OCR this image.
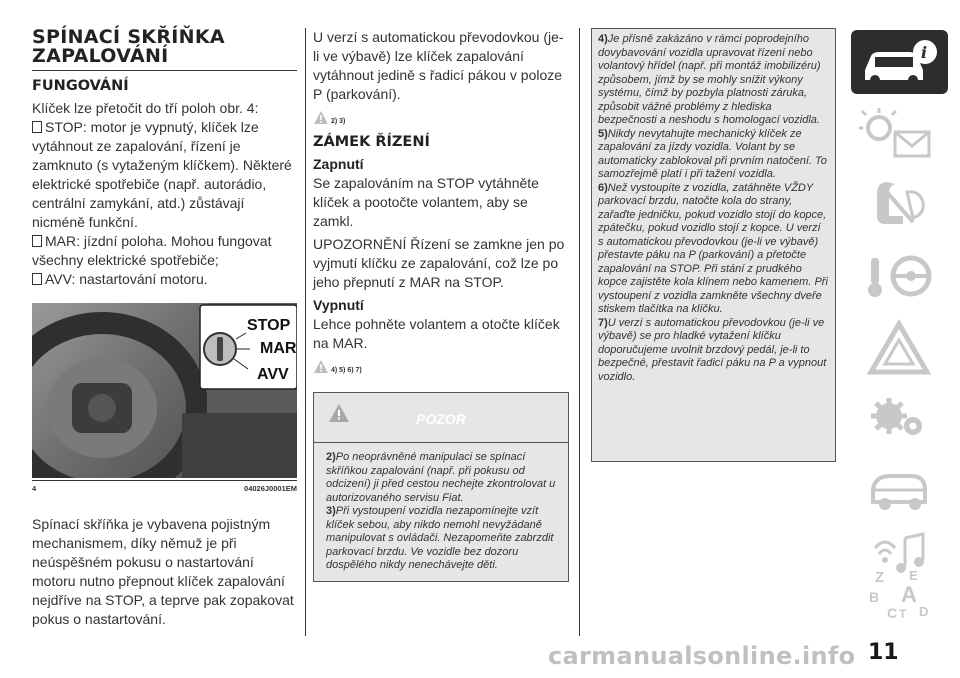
SPÍNACÍ SKŘÍŇKA
ZAPALOVÁNÍ
FUNGOVÁNÍ
Klíček lze přetočit do tří poloh obr. 4:
STOP: motor je vypnutý, klíček lze vytáhnout ze zapalování, řízení je zamknuto (s vytaženým klíčkem). Některé elektrické spotřebiče (např. autorádio, centrální zamykání, atd.) zůstávají nicméně funkční.
MAR: jízdní poloha. Mohou fungovat všechny elektrické spotřebiče;
AVV: nastartování motoru.
STOP
MAR
AVV
4	04026J0001EM
Spínací skříňka je vybavena pojistným mechanismem, díky němuž je při neúspěšném pokusu o nastartování motoru nutno přepnout klíček zapalování nejdříve na STOP, a teprve pak zopakovat pokus o nastartování.
U verzí s automatickou převodovkou (je-li ve výbavě) lze klíček zapalování vytáhnout jedině s řadicí pákou v poloze P (parkování).
2) 3)
ZÁMEK ŘÍZENÍ
Zapnutí
Se zapalováním na STOP vytáhněte klíček a pootočte volantem, aby se zamkl.
UPOZORNĚNÍ Řízení se zamkne jen po vyjmutí klíčku ze zapalování, což lze po jeho přepnutí z MAR na STOP.
Vypnutí
Lehce pohněte volantem a otočte klíček na MAR.
4) 5) 6) 7)
POZOR
2)Po neoprávněné manipulaci se spínací skříňkou zapalování (např. při pokusu od odcizení) ji před cestou nechejte zkontrolovat u autorizovaného servisu Fiat.
3)Při vystoupení vozidla nezapomínejte vzít klíček sebou, aby nikdo nemohl nevyžádaně manipulovat s ovládači. Nezapomeňte zabrzdit parkovací brzdu. Ve vozidle bez dozoru dospělého nikdy nenechávejte děti.
4)Je přísně zakázáno v rámci poprodejního dovybavování vozidla upravovat řízení nebo volantový hřídel (např. při montáž imobilizéru) způsobem, jímž by se mohly snížit výkony systému, čímž by pozbyla platnosti záruka, způsobit vážné problémy z hlediska bezpečnosti a neshodu s homologací vozidla.
5)Nikdy nevytahujte mechanický klíček ze zapalování za jízdy vozidla. Volant by se automaticky zablokoval při prvním natočení. To samozřejmě platí i při tažení vozidla.
6)Než vystoupíte z vozidla, zatáhněte VŽDY parkovací brzdu, natočte kola do strany, zařaďte jedničku, pokud vozidlo stojí do kopce, zpátečku, pokud vozidlo stojí z kopce. U verzí s automatickou převodovkou (je-li ve výbavě) přestavte páku na P (parkování) a přetočte zapalování na STOP. Při stání z prudkého kopce zajistěte kola klínem nebo kamenem. Při vystoupení z vozidla zamkněte všechny dveře stiskem tlačítka na klíčku.
7)U verzí s automatickou převodovkou (je-li ve výbavě) se pro hladké vytažení klíčku doporučujeme uvolnit brzdový pedál, je-li to bezpečné, přestavit řadicí páku na P a vypnout vozidlo.
i
Z E
B A
C T D
11
carmanualsonline.info
